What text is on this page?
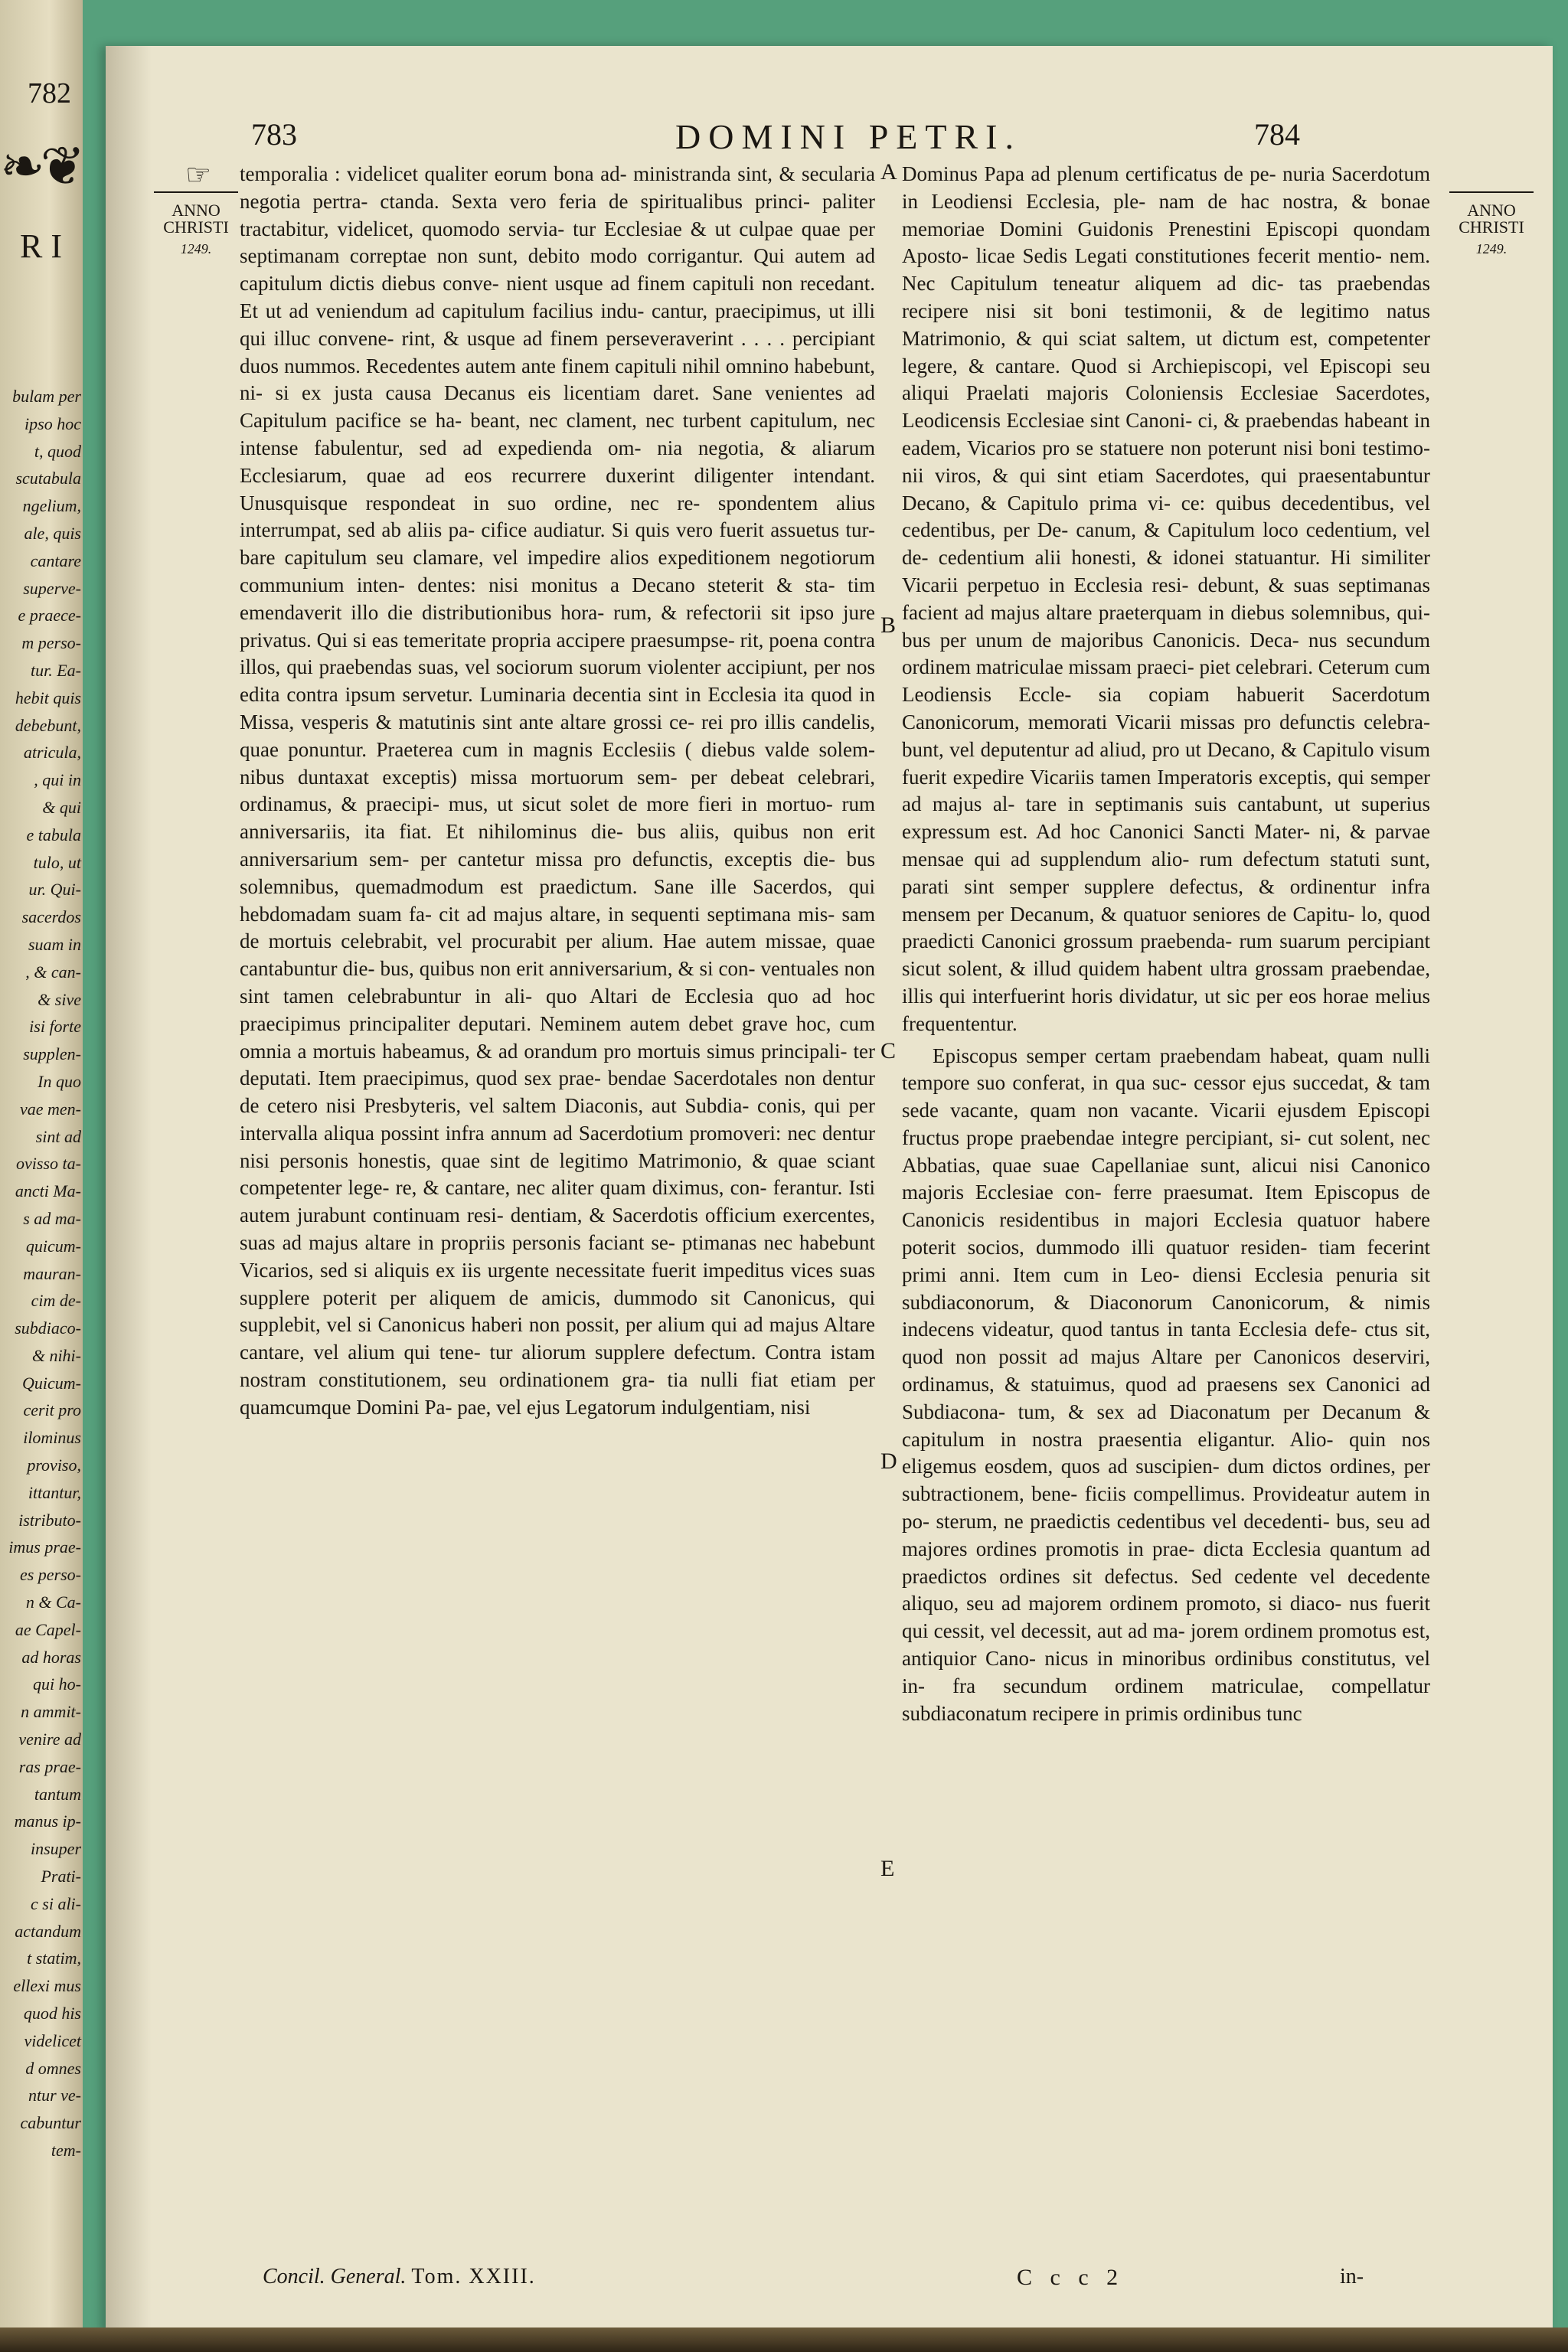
782
❧❦
R I
bulam per
ipso hoc
t, quod
scutabula
ngelium,
ale, quis
cantare
superve-
e praece-
m perso-
tur. Ea-
hebit quis
debebunt,
atricula,
, qui in
& qui
e tabula
tulo, ut
ur. Qui-
sacerdos
suam in
, & can-
& sive
isi forte
supplen-
In quo
vae men-
sint ad
ovisso ta-
ancti Ma-
s ad ma-
quicum-
mauran-
cim de-
subdiaco-
& nihi-
Quicum-
cerit pro
ilominus
proviso,
ittantur,
istributo-
imus prae-
es perso-
n & Ca-
ae Capel-
ad horas
qui ho-
n ammit-
venire ad
ras prae-
tantum
manus ip-
insuper
Prati-
c si ali-
actandum
t statim,
ellexi mus
quod his
videlicet
d omnes
ntur ve-
cabuntur
tem-
783	DOMINI PETRI.	784
☞
ANNO
CHRISTI
1249.
ANNO
CHRISTI
1249.

temporalia : videlicet qualiter eorum bona ad- ministranda sint, & secularia negotia pertra- ctanda. Sexta vero feria de spiritualibus princi- paliter tractabitur, videlicet, quomodo servia- tur Ecclesiae & ut culpae quae per septimanam correptae non sunt, debito modo corrigantur. Qui autem ad capitulum dictis diebus conve- nient usque ad finem capituli non recedant. Et ut ad veniendum ad capitulum facilius indu- cantur, praecipimus, ut illi qui illuc convene- rint, & usque ad finem perseveraverint . . . . percipiant duos nummos. Recedentes autem ante finem capituli nihil omnino habebunt, ni- si ex justa causa Decanus eis licentiam daret. Sane venientes ad Capitulum pacifice se ha- beant, nec clament, nec turbent capitulum, nec intense fabulentur, sed ad expedienda om- nia negotia, & aliarum Ecclesiarum, quae ad eos recurrere duxerint diligenter intendant. Unusquisque respondeat in suo ordine, nec re- spondentem alius interrumpat, sed ab aliis pa- cifice audiatur. Si quis vero fuerit assuetus tur- bare capitulum seu clamare, vel impedire alios expeditionem negotiorum communium inten- dentes: nisi monitus a Decano steterit & sta- tim emendaverit illo die distributionibus hora- rum, & refectorii sit ipso jure privatus. Qui si eas temeritate propria accipere praesumpse- rit, poena contra illos, qui praebendas suas, vel sociorum suorum violenter accipiunt, per nos edita contra ipsum servetur. Luminaria decentia sint in Ecclesia ita quod in Missa, vesperis & matutinis sint ante altare grossi ce- rei pro illis candelis, quae ponuntur. Praeterea cum in magnis Ecclesiis ( diebus valde solem- nibus duntaxat exceptis) missa mortuorum sem- per debeat celebrari, ordinamus, & praecipi- mus, ut sicut solet de more fieri in mortuo- rum anniversariis, ita fiat. Et nihilominus die- bus aliis, quibus non erit anniversarium sem- per cantetur missa pro defunctis, exceptis die- bus solemnibus, quemadmodum est praedictum. Sane ille Sacerdos, qui hebdomadam suam fa- cit ad majus altare, in sequenti septimana mis- sam de mortuis celebrabit, vel procurabit per alium. Hae autem missae, quae cantabuntur die- bus, quibus non erit anniversarium, & si con- ventuales non sint tamen celebrabuntur in ali- quo Altari de Ecclesia quo ad hoc praecipimus principaliter deputari. Neminem autem debet grave hoc, cum omnia a mortuis habeamus, & ad orandum pro mortuis simus principali- ter deputati. Item praecipimus, quod sex prae- bendae Sacerdotales non dentur de cetero nisi Presbyteris, vel saltem Diaconis, aut Subdia- conis, qui per intervalla aliqua possint infra annum ad Sacerdotium promoveri: nec dentur nisi personis honestis, quae sint de legitimo Matrimonio, & quae sciant competenter lege- re, & cantare, nec aliter quam diximus, con- ferantur. Isti autem jurabunt continuam resi- dentiam, & Sacerdotis officium exercentes, suas ad majus altare in propriis personis faciant se- ptimanas nec habebunt Vicarios, sed si aliquis ex iis urgente necessitate fuerit impeditus vices suas supplere poterit per aliquem de amicis, dummodo sit Canonicus, qui supplebit, vel si Canonicus haberi non possit, per alium qui ad majus Altare cantare, vel alium qui tene- tur aliorum supplere defectum. Contra istam nostram constitutionem, seu ordinationem gra- tia nulli fiat etiam per quamcumque Domini Pa- pae, vel ejus Legatorum indulgentiam, nisi

A
B
C
D
E

Dominus Papa ad plenum certificatus de pe- nuria Sacerdotum in Leodiensi Ecclesia, ple- nam de hac nostra, & bonae memoriae Domini Guidonis Prenestini Episcopi quondam Aposto- licae Sedis Legati constitutiones fecerit mentio- nem. Nec Capitulum teneatur aliquem ad dic- tas praebendas recipere nisi sit boni testimonii, & de legitimo natus Matrimonio, & qui sciat saltem, ut dictum est, competenter legere, & cantare. Quod si Archiepiscopi, vel Episcopi seu aliqui Praelati majoris Coloniensis Ecclesiae Sacerdotes, Leodicensis Ecclesiae sint Canoni- ci, & praebendas habeant in eadem, Vicarios pro se statuere non poterunt nisi boni testimo- nii viros, & qui sint etiam Sacerdotes, qui praesentabuntur Decano, & Capitulo prima vi- ce: quibus decedentibus, vel cedentibus, per De- canum, & Capitulum loco cedentium, vel de- cedentium alii honesti, & idonei statuantur. Hi similiter Vicarii perpetuo in Ecclesia resi- debunt, & suas septimanas facient ad majus altare praeterquam in diebus solemnibus, qui- bus per unum de majoribus Canonicis. Deca- nus secundum ordinem matriculae missam praeci- piet celebrari. Ceterum cum Leodiensis Eccle- sia copiam habuerit Sacerdotum Canonicorum, memorati Vicarii missas pro defunctis celebra- bunt, vel deputentur ad aliud, pro ut Decano, & Capitulo visum fuerit expedire Vicariis tamen Imperatoris exceptis, qui semper ad majus al- tare in septimanis suis cantabunt, ut superius expressum est. Ad hoc Canonici Sancti Mater- ni, & parvae mensae qui ad supplendum alio- rum defectum statuti sunt, parati sint semper supplere defectus, & ordinentur infra mensem per Decanum, & quatuor seniores de Capitu- lo, quod praedicti Canonici grossum praebenda- rum suarum percipiant sicut solent, & illud quidem habent ultra grossam praebendae, illis qui interfuerint horis dividatur, ut sic per eos horae melius frequententur.

Episcopus semper certam praebendam habeat, quam nulli tempore suo conferat, in qua suc- cessor ejus succedat, & tam sede vacante, quam non vacante. Vicarii ejusdem Episcopi fructus prope praebendae integre percipiant, si- cut solent, nec Abbatias, quae suae Capellaniae sunt, alicui nisi Canonico majoris Ecclesiae con- ferre praesumat. Item Episcopus de Canonicis residentibus in majori Ecclesia quatuor habere poterit socios, dummodo illi quatuor residen- tiam fecerint primi anni. Item cum in Leo- diensi Ecclesia penuria sit subdiaconorum, & Diaconorum Canonicorum, & nimis indecens videatur, quod tantus in tanta Ecclesia defe- ctus sit, quod non possit ad majus Altare per Canonicos deserviri, ordinamus, & statuimus, quod ad praesens sex Canonici ad Subdiacona- tum, & sex ad Diaconatum per Decanum & capitulum in nostra praesentia eligantur. Alio- quin nos eligemus eosdem, quos ad suscipien- dum dictos ordines, per subtractionem, bene- ficiis compellimus. Provideatur autem in po- sterum, ne praedictis cedentibus vel decedenti- bus, seu ad majores ordines promotis in prae- dicta Ecclesia quantum ad praedictos ordines sit defectus. Sed cedente vel decedente aliquo, seu ad majorem ordinem promoto, si diaco- nus fuerit qui cessit, vel decessit, aut ad ma- jorem ordinem promotus est, antiquior Cano- nicus in minoribus ordinibus constitutus, vel in- fra secundum ordinem matriculae, compellatur subdiaconatum recipere in primis ordinibus tunc

Concil. General. Tom. XXIII.	C c c 2	in-
